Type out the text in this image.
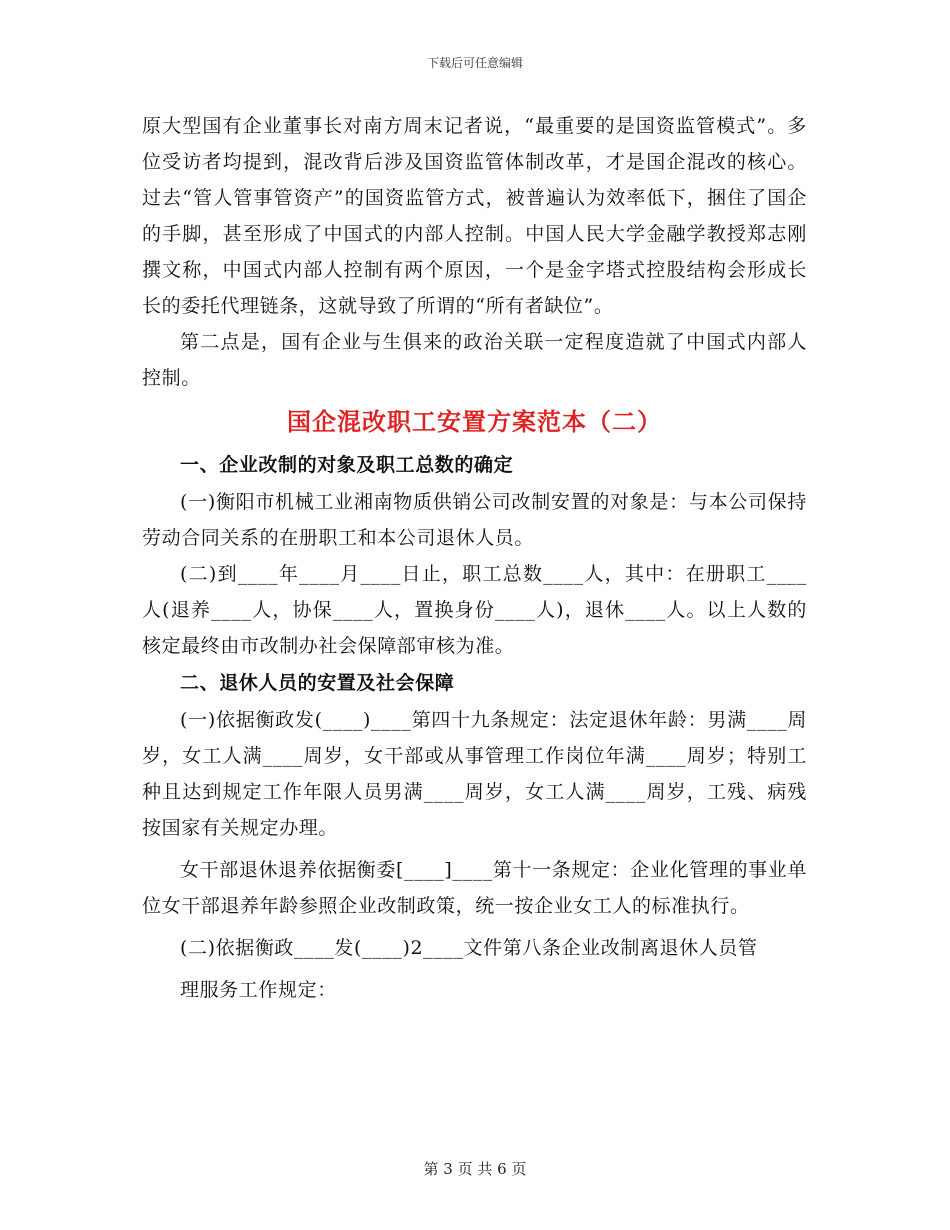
下载后可任意编辑

原大型国有企业董事长对南方周末记者说，“最重要的是国资监管模式”。多位受访者均提到，混改背后涉及国资监管体制改革，才是国企混改的核心。过去“管人管事管资产”的国资监管方式，被普遍认为效率低下，捆住了国企的手脚，甚至形成了中国式的内部人控制。中国人民大学金融学教授郑志刚撰文称，中国式内部人控制有两个原因，一个是金字塔式控股结构会形成长长的委托代理链条，这就导致了所谓的“所有者缺位”。

第二点是，国有企业与生俱来的政治关联一定程度造就了中国式内部人控制。

国企混改职工安置方案范本（二）
一、企业改制的对象及职工总数的确定

(一)衡阳市机械工业湘南物质供销公司改制安置的对象是：与本公司保持劳动合同关系的在册职工和本公司退休人员。

(二)到____年____月____日止，职工总数____人，其中：在册职工____人(退养____人，协保____人，置换身份____人)，退休____人。以上人数的核定最终由市改制办社会保障部审核为准。

二、退休人员的安置及社会保障

(一)依据衡政发(____)____第四十九条规定：法定退休年龄：男满____周岁，女工人满____周岁，女干部或从事管理工作岗位年满____周岁；特别工种且达到规定工作年限人员男满____周岁，女工人满____周岁，工残、病残按国家有关规定办理。

女干部退休退养依据衡委[____]____第十一条规定：企业化管理的事业单位女干部退养年龄参照企业改制政策，统一按企业女工人的标准执行。

(二)依据衡政____发(____)2____文件第八条企业改制离退休人员管

理服务工作规定：

第 3 页 共 6 页
